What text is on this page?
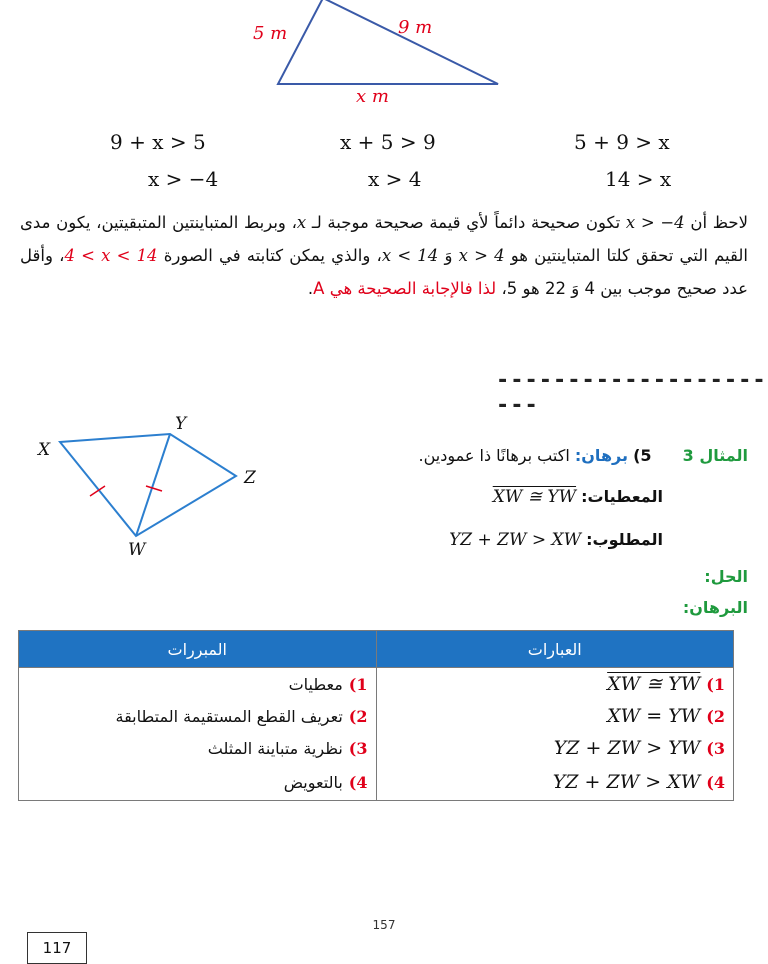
5 m	9 m
x m
9 + x > 5	x + 5 > 9	5 + 9 > x
x > −4	x > 4	14 > x
لاحظ أن x > −4 تكون صحيحة دائماً لأي قيمة صحيحة موجبة لـ x، وبربط المتباينتين المتبقيتين، يكون مدى القيم التي تحقق كلتا المتباينتين هو x > 4 وَ x < 14، والذي يمكن كتابته في الصورة 4 < x < 14، وأقل عدد صحيح موجب بين 4 وَ 22 هو 5، لذا فالإجابة الصحيحة هي A.
----------------------
X
Y
Z
W
المثال 3 5) برهان: اكتب برهانًا ذا عمودين.
المعطيات: XW ≅ YW
المطلوب: YZ + ZW > XW
الحل:
البرهان:
العبارات	المبررات
1)XW ≅ YW	1)معطيات
2)XW = YW	2)تعريف القطع المستقيمة المتطابقة
3)YZ + ZW > YW	3)نظرية متباينة المثلث
4)YZ + ZW > XW	4)بالتعويض
157
117
